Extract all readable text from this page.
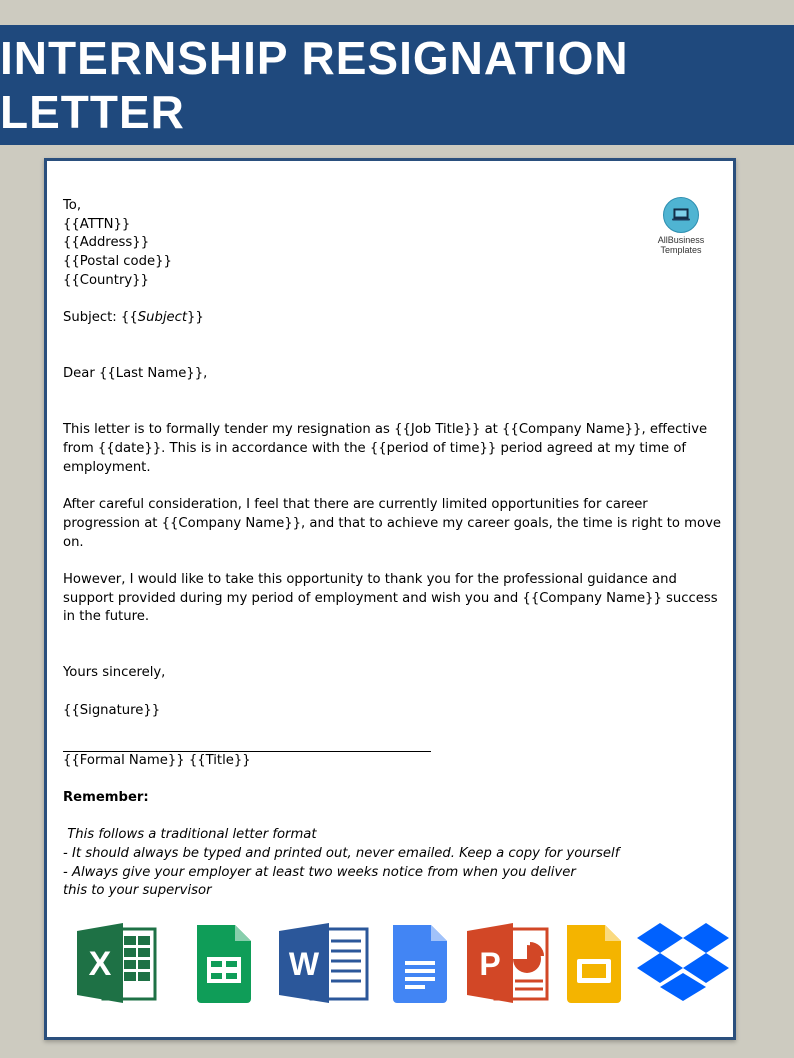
INTERNSHIP RESIGNATION LETTER
AllBusiness
Templates

To,

{{ATTN}}

{{Address}}

{{Postal code}}

{{Country}}

Subject: {{Subject}}

Dear {{Last Name}},

This letter is to formally tender my resignation as {{Job Title}} at {{Company Name}}, effective from {{date}}. This is in accordance with the {{period of time}} period agreed at my time of employment.

After careful consideration, I feel that there are currently limited opportunities for career progression at {{Company Name}}, and that to achieve my career goals, the time is right to move on.

However, I would like to take this opportunity to thank you for the professional guidance and support provided during my period of employment and wish you and {{Company Name}} success in the future.

Yours sincerely,

{{Signature}}

{{Formal Name}} {{Title}}

Remember:

This follows a traditional letter format

- It should always be typed and printed out, never emailed. Keep a copy for yourself

- Always give your employer at least two weeks notice from when you deliver this to your supervisor

X	W	P
